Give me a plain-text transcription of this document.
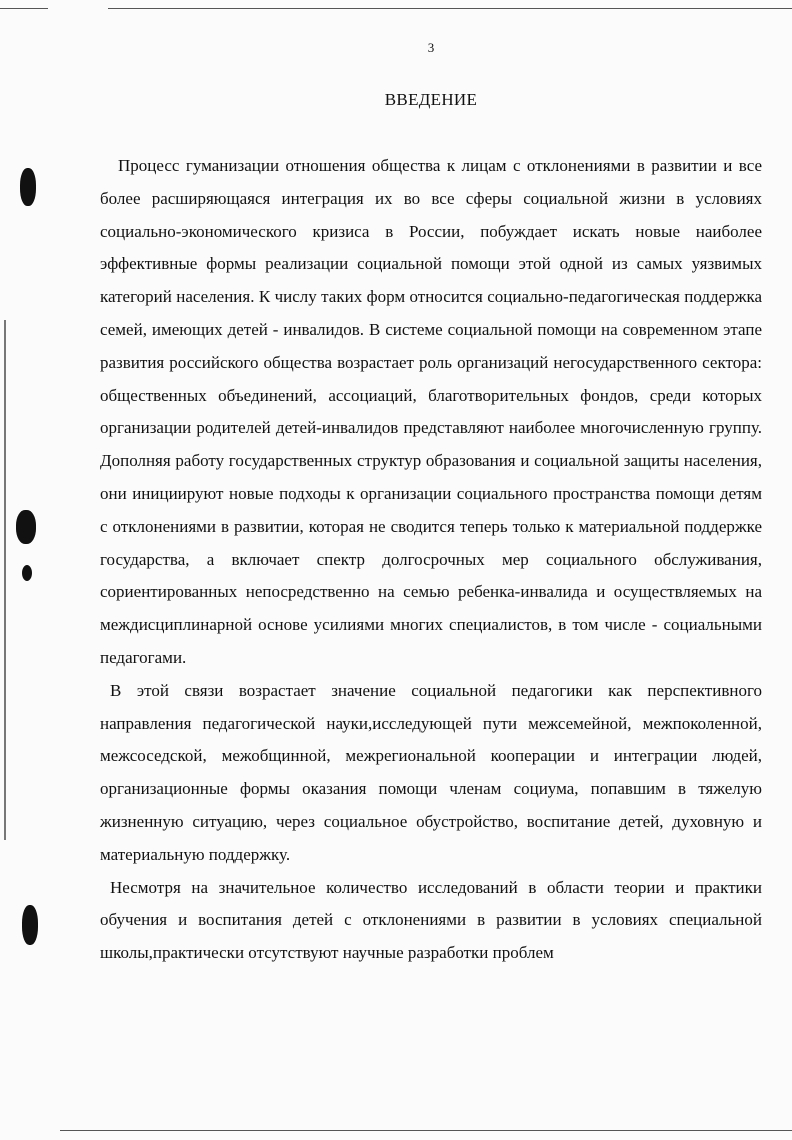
3
ВВЕДЕНИЕ

Процесс гуманизации отношения общества к лицам с отклонениями в развитии и все более расширяющаяся интеграция их во все сферы социальной жизни в условиях социально-экономического кризиса в России, побуждает искать новые наиболее эффективные формы реализации социальной помощи этой одной из самых уязвимых категорий населения. К числу таких форм относится социально-педагогическая поддержка семей, имеющих детей - инвалидов. В системе социальной помощи на современном этапе развития российского общества возрастает роль организаций негосударственного сектора: общественных объединений, ассоциаций, благотворительных фондов, среди которых организации родителей детей-инвалидов представляют наиболее многочисленную группу. Дополняя работу государственных структур образования и социальной защиты населения, они инициируют новые подходы к организации социального пространства помощи детям с отклонениями в развитии, которая не сводится теперь только к материальной поддержке государства, а включает спектр долгосрочных мер социального обслуживания, сориентированных непосредственно на семью ребенка-инвалида и осуществляемых на междисциплинарной основе усилиями многих специалистов, в том числе - социальными педагогами.

В этой связи возрастает значение социальной педагогики как перспективного направления педагогической науки,исследующей пути межсемейной, межпоколенной, межсоседской, межобщинной, межрегиональной кооперации и интеграции людей, организационные формы оказания помощи членам социума, попавшим в тяжелую жизненную ситуацию, через социальное обустройство, воспитание детей, духовную и материальную поддержку.

Несмотря на значительное количество исследований в области теории и практики обучения и воспитания детей с отклонениями в развитии в условиях специальной школы,практически отсутствуют научные разработки проблем
